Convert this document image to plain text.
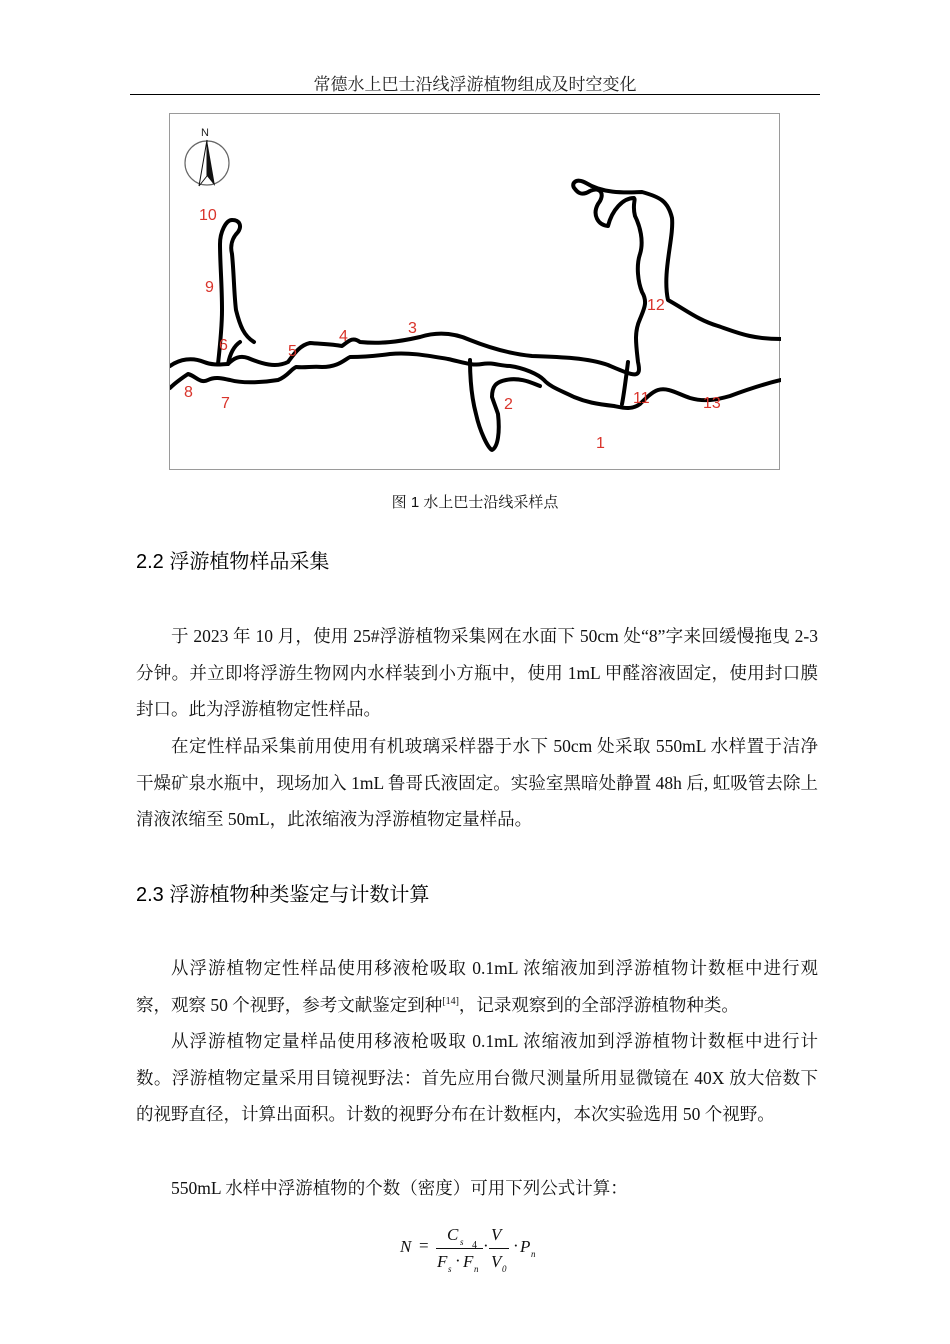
常德水上巴士沿线浮游植物组成及时空变化
N
1
2
3
4
5
6
7
8
9
10
11
12
13
图 1 水上巴士沿线采样点
2.2 浮游植物样品采集

于 2023 年 10 月，使用 25#浮游植物采集网在水面下 50cm 处“8”字来回缓慢拖曳 2-3 分钟。并立即将浮游生物网内水样装到小方瓶中，使用 1mL 甲醛溶液固定，使用封口膜封口。此为浮游植物定性样品。

在定性样品采集前用使用有机玻璃采样器于水下 50cm 处采取 550mL 水样置于洁净干燥矿泉水瓶中，现场加入 1mL 鲁哥氏液固定。实验室黑暗处静置 48h 后, 虹吸管去除上清液浓缩至 50mL，此浓缩液为浮游植物定量样品。

2.3 浮游植物种类鉴定与计数计算

从浮游植物定性样品使用移液枪吸取 0.1mL 浓缩液加到浮游植物计数框中进行观察，观察 50 个视野，参考文献鉴定到种[14]，记录观察到的全部浮游植物种类。

从浮游植物定量样品使用移液枪吸取 0.1mL 浓缩液加到浮游植物计数框中进行计数。浮游植物定量采用目镜视野法：首先应用台微尺测量所用显微镜在 40X 放大倍数下的视野直径，计算出面积。计数的视野分布在计数框内，本次实验选用 50 个视野。

550mL 水样中浮游植物的个数（密度）可用下列公式计算：

N =
C s 4
F s · F n
·
V
V 0
· P n
